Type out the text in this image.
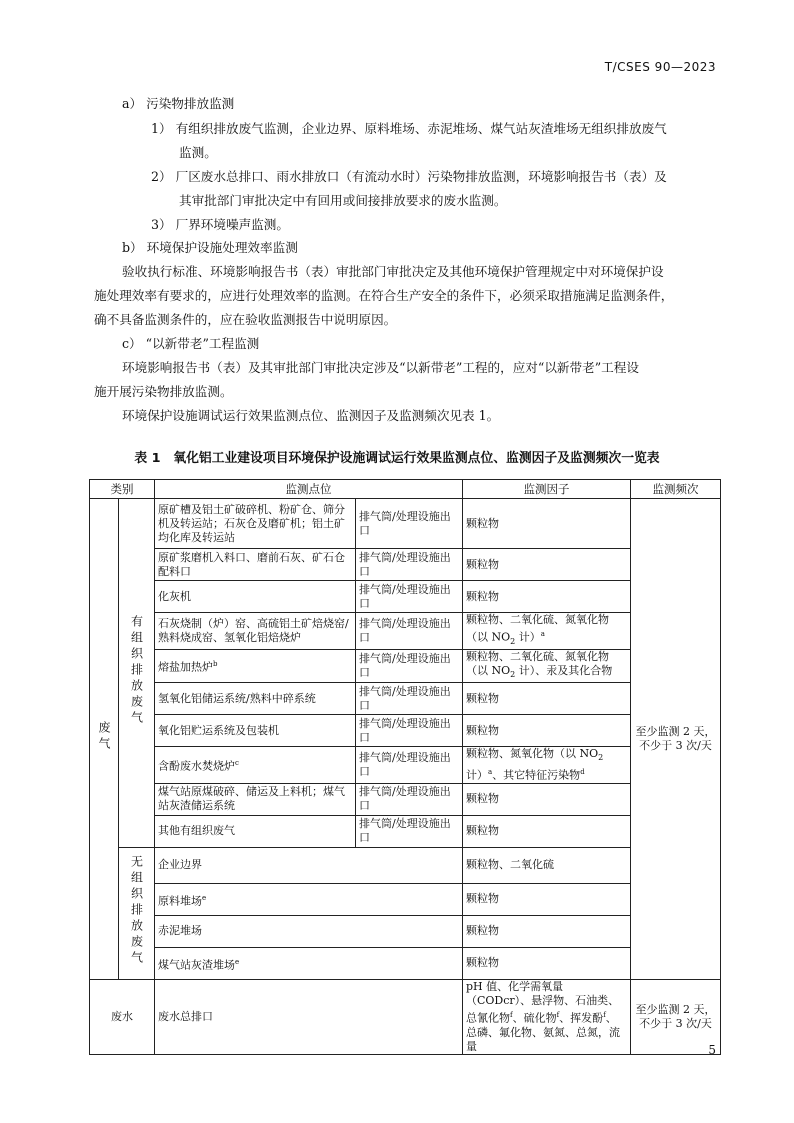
T/CSES 90—2023
a） 污染物排放监测
1） 有组织排放废气监测，企业边界、原料堆场、赤泥堆场、煤气站灰渣堆场无组织排放废气
监测。
2） 厂区废水总排口、雨水排放口（有流动水时）污染物排放监测，环境影响报告书（表）及
其审批部门审批决定中有回用或间接排放要求的废水监测。
3） 厂界环境噪声监测。
b） 环境保护设施处理效率监测
验收执行标准、环境影响报告书（表）审批部门审批决定及其他环境保护管理规定中对环境保护设
施处理效率有要求的，应进行处理效率的监测。在符合生产安全的条件下，必须采取措施满足监测条件，
确不具备监测条件的，应在验收监测报告中说明原因。
c） “以新带老”工程监测
环境影响报告书（表）及其审批部门审批决定涉及“以新带老”工程的，应对“以新带老”工程设
施开展污染物排放监测。
环境保护设施调试运行效果监测点位、监测因子及监测频次见表 1。
表 1　氧化铝工业建设项目环境保护设施调试运行效果监测点位、监测因子及监测频次一览表
类别		监测点位		监测因子	监测频次
废气	有组织排放废气	原矿槽及铝土矿破碎机、粉矿仓、筛分机及转运站；石灰仓及磨矿机；铝土矿均化库及转运站	排气筒/处理设施出口	颗粒物	至少监测 2 天，不少于 3 次/天

		原矿浆磨机入料口、磨前石灰、矿石仓配料口	排气筒/处理设施出口	颗粒物	
		化灰机	排气筒/处理设施出口	颗粒物	

		石灰烧制（炉）窑、高硫铝土矿焙烧窑/熟料烧成窑、氢氧化铝焙烧炉	排气筒/处理设施出口	颗粒物、二氧化硫、氮氧化物（以 $NO_2$ 计）$^a$
		熔盐加热炉$^b$	排气筒/处理设施出口	颗粒物、二氧化硫、氮氧化物（以 $NO_2$ 计）、汞及其化合物	
		氢氧化铝储运系统/熟料中碎系统	排气筒/处理设施出口	颗粒物	
		氧化铝贮运系统及包装机	排气筒/处理设施出口	颗粒物	
		含酚废水焚烧炉$^c$	排气筒/处理设施出口	颗粒物、氮氧化物（以 $NO_2$ 计）$^a$、其它特征污染物$^d$

		煤气站原煤破碎、储运及上料机；煤气站灰渣储运系统	排气筒/处理设施出口	颗粒物	
		其他有组织废气	排气筒/处理设施出口	颗粒物	
	无组织排放废气	企业边界		颗粒物、二氧化硫	
		原料堆场$^e$		颗粒物	
		赤泥堆场		颗粒物	
		煤气站灰渣堆场$^e$		颗粒物	
废水		废水总排口		pH 值、化学需氧量（CODcr）、悬浮物、石油类、总氰化物$^f$、硫化物$^f$、挥发酚$^f$、总磷、氟化物、氨氮、总氮，流量	至少监测 2 天，不少于 3 次/天
5
